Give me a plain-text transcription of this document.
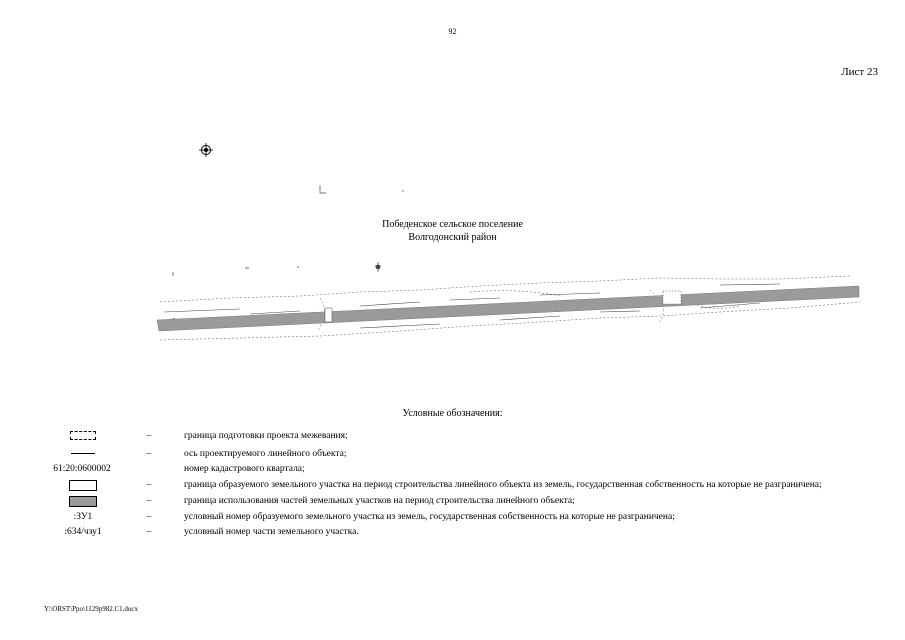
92
Лист 23
Победенское сельское поселение
Волгодонский район
Условные обозначения:
–	граница подготовки проекта межевания;
–	ось проектируемого линейного объекта;
61:20:0600002	номер кадастрового квартала;
–	граница образуемого земельного участка на период строительства линейного объекта из земель, государственная собственность на которые не разграничена;
–	граница использования частей земельных участков на период строительства линейного объекта;
:ЗУ1	–	условный номер образуемого земельного участка из земель, государственная собственность на которые не разграничена;
:634/чзу1	–	условный номер части земельного участка.
Y:\ORST\Ppo\1129p982.C1.docx
